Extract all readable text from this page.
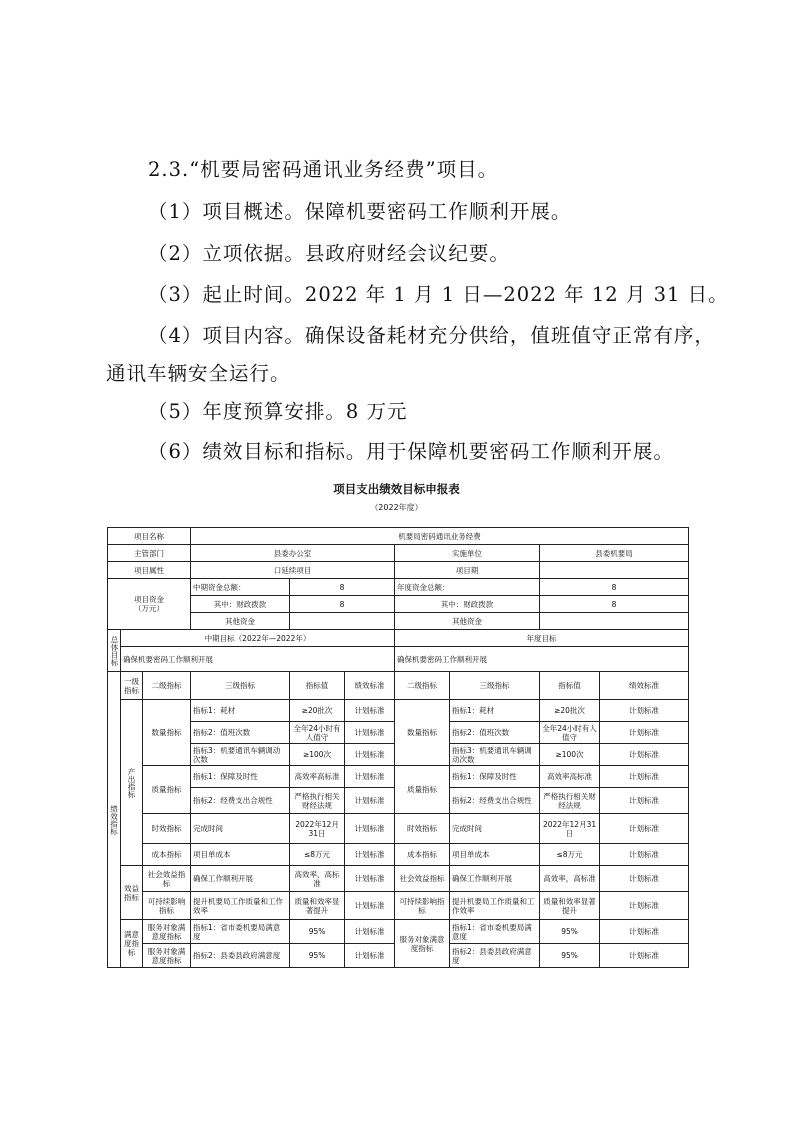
2.3.“机要局密码通讯业务经费”项目。
（1）项目概述。保障机要密码工作顺利开展。
（2）立项依据。县政府财经会议纪要。
（3）起止时间。2022 年 1 月 1 日—2022 年 12 月 31 日。
（4）项目内容。确保设备耗材充分供给，值班值守正常有序，
通讯车辆安全运行。
（5）年度预算安排。8 万元
（6）绩效目标和指标。用于保障机要密码工作顺利开展。
项目支出绩效目标申报表
（2022年度）
项目名称			机要局密码通讯业务经费						
主管部门			县委办公室			实施单位		县委机要局	
项目属性			口延续项目			项目期			
项目资金
（万元）			中期资金总额：	8		年度资金总额：		8	
			其中：财政拨款	8		其中：财政拨款		8	
			其他资金			其他资金			
总体目标	中期目标（2022年—2022年）					年度目标			
	确保机要密码工作顺利开展					确保机要密码工作顺利开展			
绩效指标	一级指标	二级指标	三级指标	指标值	绩效标准	二级指标	三级指标	指标值	绩效标准
	产出指标	数量指标	指标1：耗材	≥20批次	计划标准	数量指标	指标1：耗材	≥20批次	计划标准
			指标2：值班次数	全年24小时有人值守	计划标准		指标2：值班次数	全年24小时有人值守	计划标准
			指标3：机要通讯车辆调动次数	≥100次	计划标准		指标3：机要通讯车辆调动次数	≥100次	计划标准
		质量指标	指标1：保障及时性	高效率高标准	计划标准	质量指标	指标1：保障及时性	高效率高标准	计划标准
			指标2：经费支出合规性	严格执行相关财经法规	计划标准		指标2：经费支出合规性	严格执行相关财经法规	计划标准
		时效指标	完成时间	2022年12月31日	计划标准	时效指标	完成时间	2022年12月31日	计划标准
		成本指标	项目单成本	≤8万元	计划标准	成本指标	项目单成本	≤8万元	计划标准
	效益指标	社会效益指标	确保工作顺利开展	高效率，高标准	计划标准	社会效益指标	确保工作顺利开展	高效率，高标准	计划标准
		可持续影响指标	提升机要局工作质量和工作效率	质量和效率显著提升	计划标准	可持续影响指标	提升机要局工作质量和工作效率	质量和效率显著提升	计划标准
	满意度指标	服务对象满意度指标	指标1：省市委机要局满意度	95%	计划标准	服务对象满意度指标	指标1：省市委机要局满意度	95%	计划标准
		服务对象满意度指标	指标2：县委县政府满意度	95%	计划标准		指标2：县委县政府满意度	95%	计划标准
